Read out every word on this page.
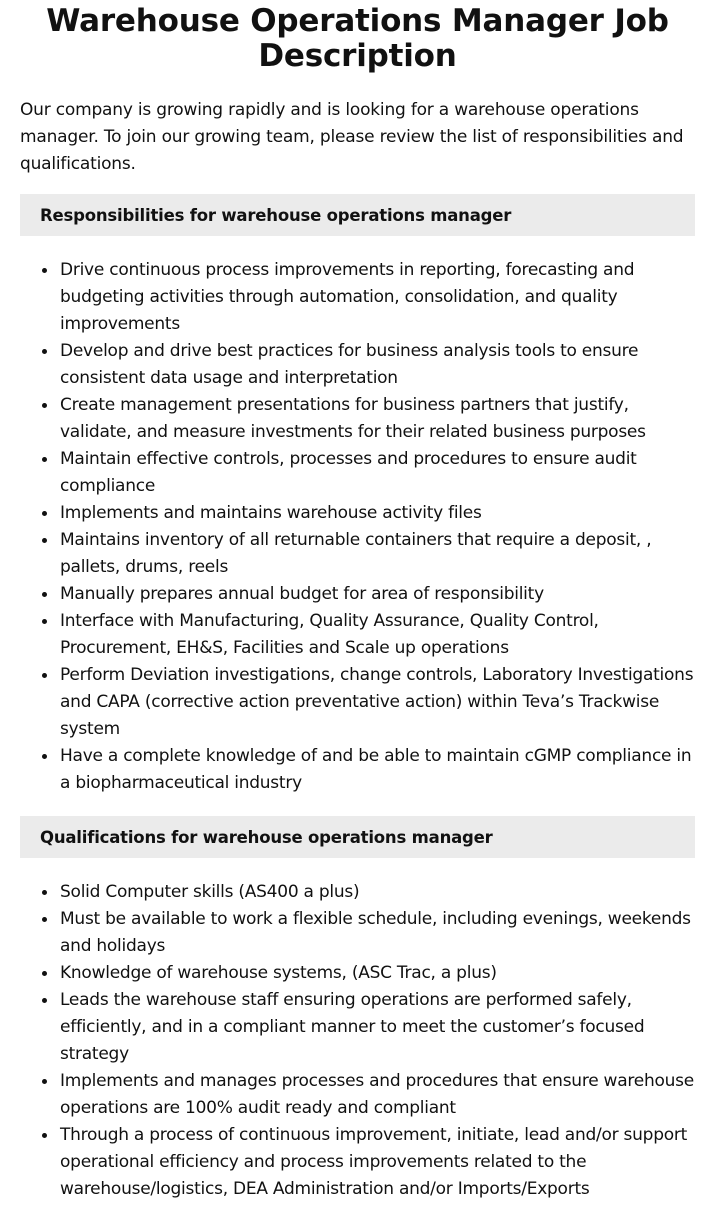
Warehouse Operations Manager Job Description

Our company is growing rapidly and is looking for a warehouse operations manager. To join our growing team, please review the list of responsibilities and qualifications.

Responsibilities for warehouse operations manager
Drive continuous process improvements in reporting, forecasting and budgeting activities through automation, consolidation, and quality improvements
Develop and drive best practices for business analysis tools to ensure consistent data usage and interpretation
Create management presentations for business partners that justify, validate, and measure investments for their related business purposes
Maintain effective controls, processes and procedures to ensure audit compliance
Implements and maintains warehouse activity files
Maintains inventory of all returnable containers that require a deposit, , pallets, drums, reels
Manually prepares annual budget for area of responsibility
Interface with Manufacturing, Quality Assurance, Quality Control, Procurement, EH&S, Facilities and Scale up operations
Perform Deviation investigations, change controls, Laboratory Investigations and CAPA (corrective action preventative action) within Teva’s Trackwise system
Have a complete knowledge of and be able to maintain cGMP compliance in a biopharmaceutical industry
Qualifications for warehouse operations manager
Solid Computer skills (AS400 a plus)
Must be available to work a flexible schedule, including evenings, weekends and holidays
Knowledge of warehouse systems, (ASC Trac, a plus)
Leads the warehouse staff ensuring operations are performed safely, efficiently, and in a compliant manner to meet the customer’s focused strategy
Implements and manages processes and procedures that ensure warehouse operations are 100% audit ready and compliant
Through a process of continuous improvement, initiate, lead and/or support operational efficiency and process improvements related to the warehouse/logistics, DEA Administration and/or Imports/Exports
